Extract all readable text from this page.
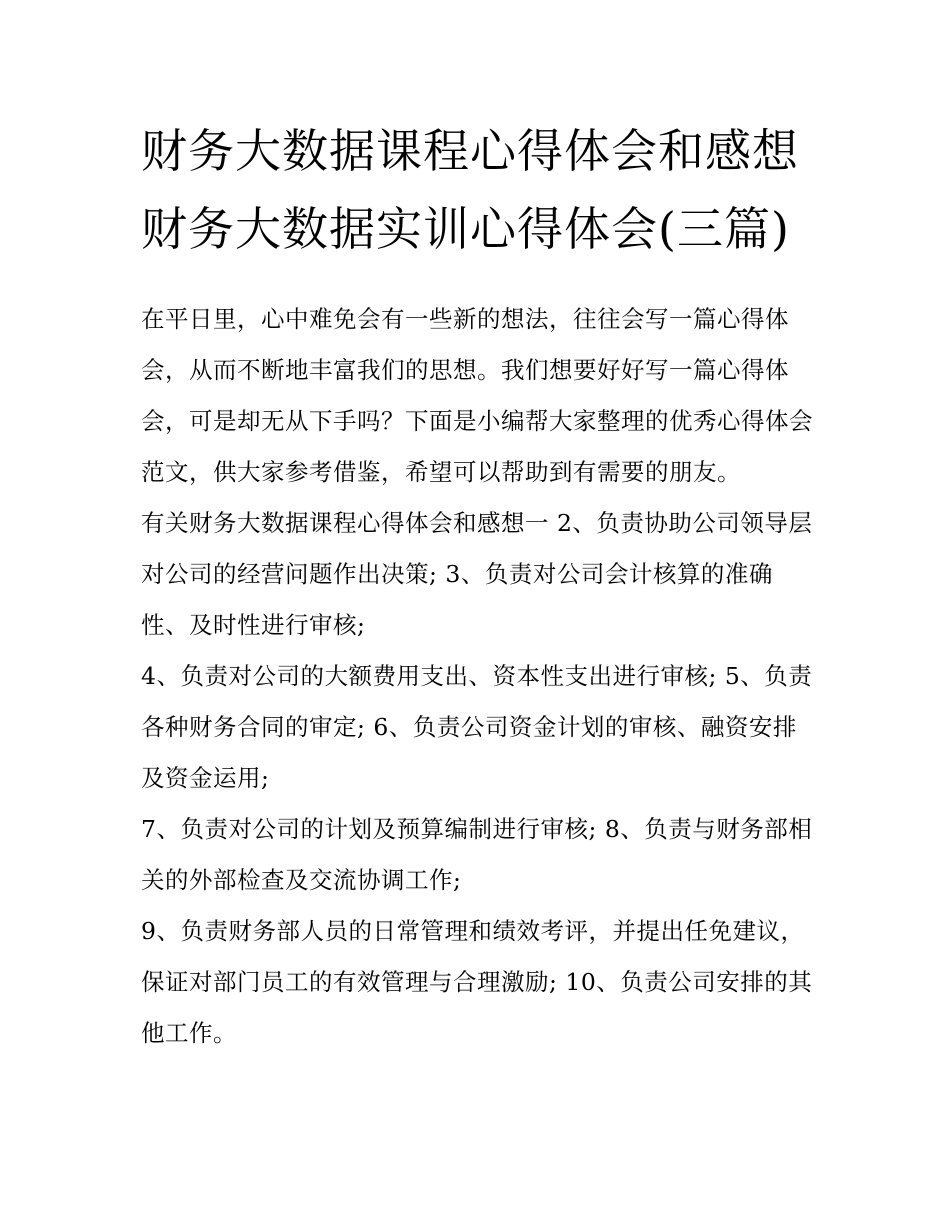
财务大数据课程心得体会和感想 财务大数据实训心得体会(三篇)

在平日里，心中难免会有一些新的想法，往往会写一篇心得体会，从而不断地丰富我们的思想。我们想要好好写一篇心得体会，可是却无从下手吗？下面是小编帮大家整理的优秀心得体会范文，供大家参考借鉴，希望可以帮助到有需要的朋友。

有关财务大数据课程心得体会和感想一 2、负责协助公司领导层对公司的经营问题作出决策; 3、负责对公司会计核算的准确性、及时性进行审核;

4、负责对公司的大额费用支出、资本性支出进行审核; 5、负责各种财务合同的审定; 6、负责公司资金计划的审核、融资安排及资金运用;

7、负责对公司的计划及预算编制进行审核; 8、负责与财务部相关的外部检查及交流协调工作;

9、负责财务部人员的日常管理和绩效考评，并提出任免建议，保证对部门员工的有效管理与合理激励; 10、负责公司安排的其他工作。
